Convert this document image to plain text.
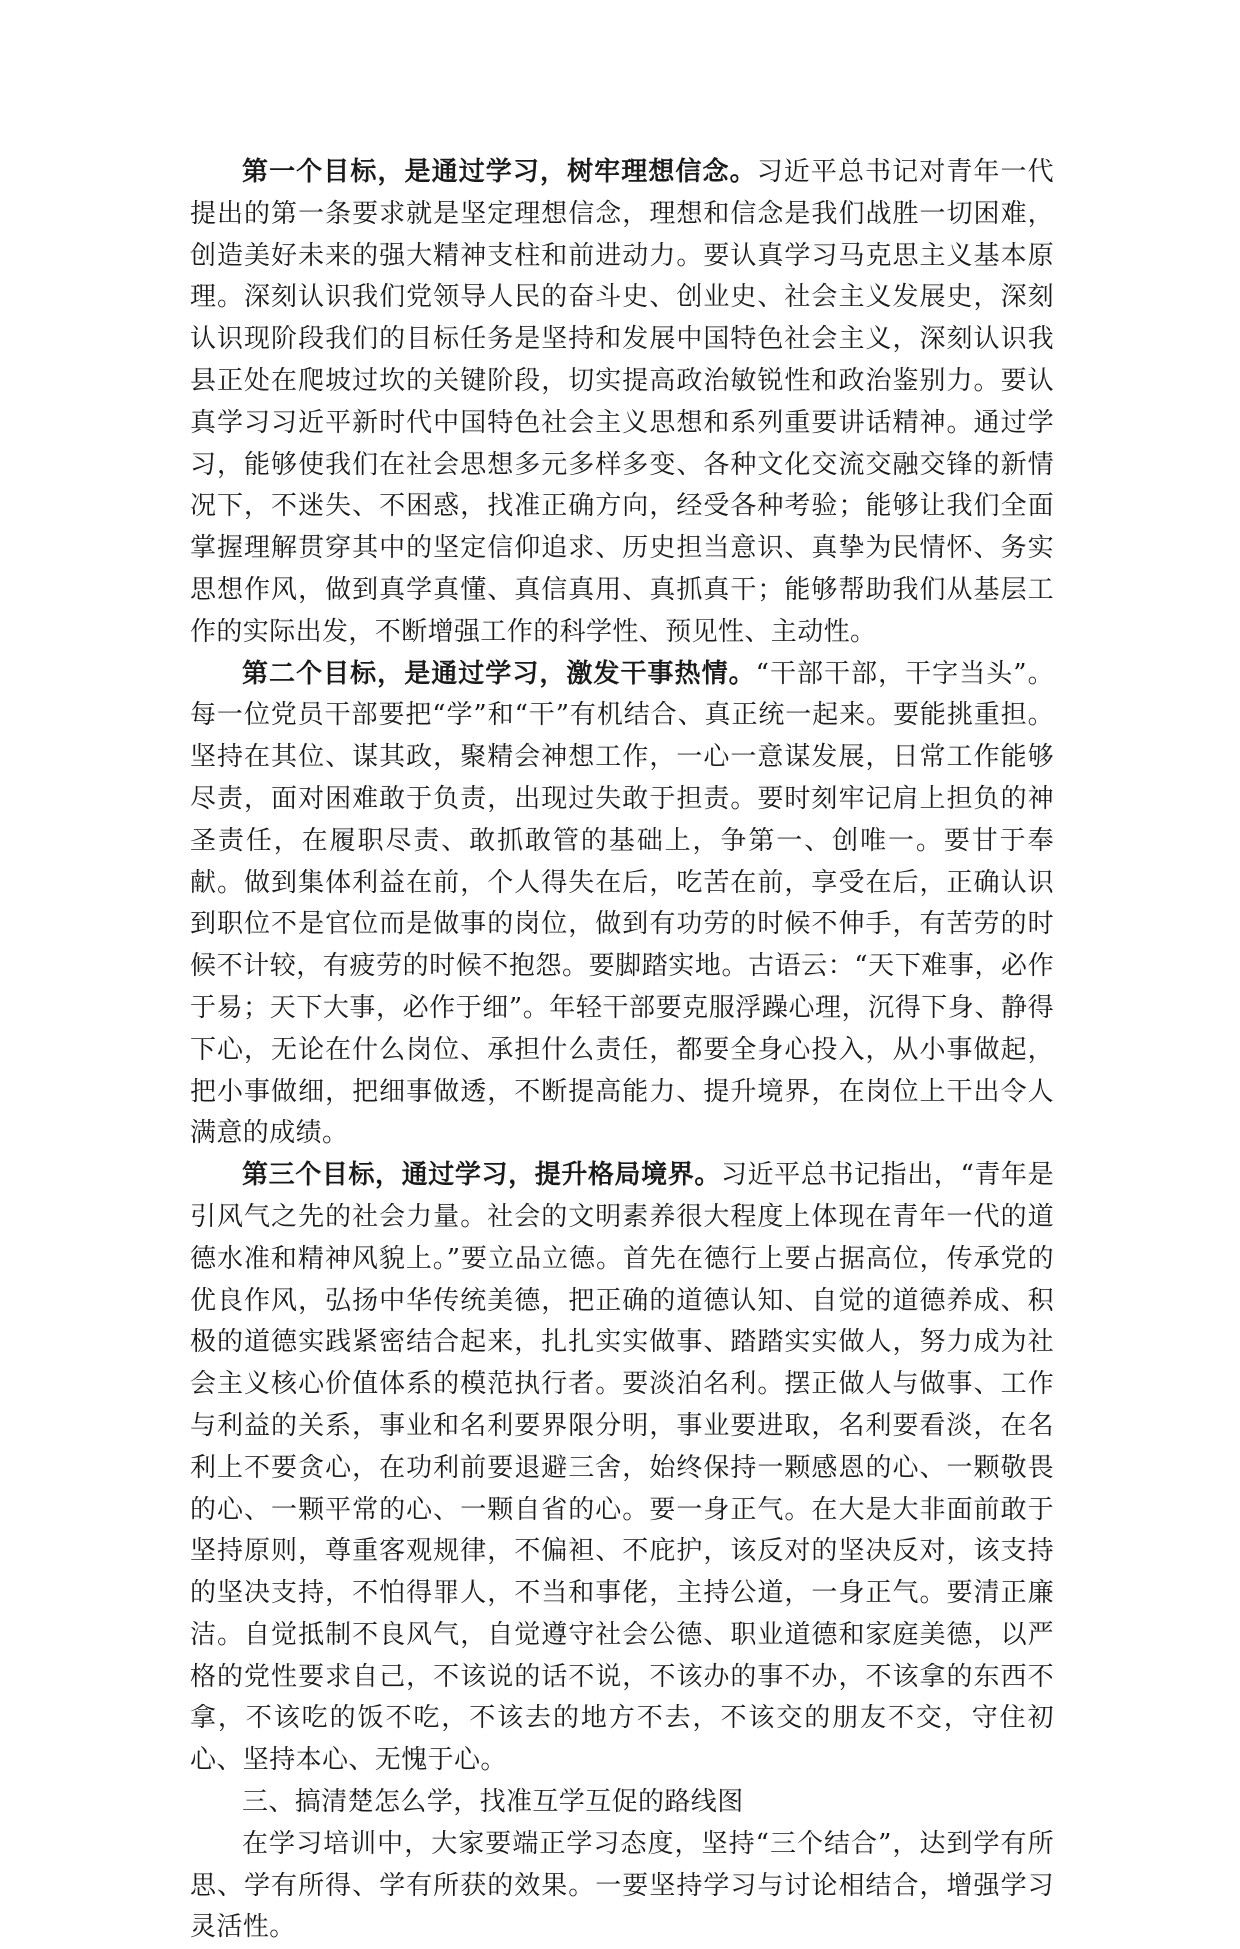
第一个目标，是通过学习，树牢理想信念。习近平总书记对青年一代提出的第一条要求就是坚定理想信念，理想和信念是我们战胜一切困难，创造美好未来的强大精神支柱和前进动力。要认真学习马克思主义基本原理。深刻认识我们党领导人民的奋斗史、创业史、社会主义发展史，深刻认识现阶段我们的目标任务是坚持和发展中国特色社会主义，深刻认识我县正处在爬坡过坎的关键阶段，切实提高政治敏锐性和政治鉴别力。要认真学习习近平新时代中国特色社会主义思想和系列重要讲话精神。通过学习，能够使我们在社会思想多元多样多变、各种文化交流交融交锋的新情况下，不迷失、不困惑，找准正确方向，经受各种考验；能够让我们全面掌握理解贯穿其中的坚定信仰追求、历史担当意识、真挚为民情怀、务实思想作风，做到真学真懂、真信真用、真抓真干；能够帮助我们从基层工作的实际出发，不断增强工作的科学性、预见性、主动性。

第二个目标，是通过学习，激发干事热情。“干部干部，干字当头”。每一位党员干部要把“学”和“干”有机结合、真正统一起来。要能挑重担。坚持在其位、谋其政，聚精会神想工作，一心一意谋发展，日常工作能够尽责，面对困难敢于负责，出现过失敢于担责。要时刻牢记肩上担负的神圣责任，在履职尽责、敢抓敢管的基础上，争第一、创唯一。要甘于奉献。做到集体利益在前，个人得失在后，吃苦在前，享受在后，正确认识到职位不是官位而是做事的岗位，做到有功劳的时候不伸手，有苦劳的时候不计较，有疲劳的时候不抱怨。要脚踏实地。古语云：“天下难事，必作于易；天下大事，必作于细”。年轻干部要克服浮躁心理，沉得下身、静得下心，无论在什么岗位、承担什么责任，都要全身心投入，从小事做起，把小事做细，把细事做透，不断提高能力、提升境界，在岗位上干出令人满意的成绩。

第三个目标，通过学习，提升格局境界。习近平总书记指出，“青年是引风气之先的社会力量。社会的文明素养很大程度上体现在青年一代的道德水准和精神风貌上。”要立品立德。首先在德行上要占据高位，传承党的优良作风，弘扬中华传统美德，把正确的道德认知、自觉的道德养成、积极的道德实践紧密结合起来，扎扎实实做事、踏踏实实做人，努力成为社会主义核心价值体系的模范执行者。要淡泊名利。摆正做人与做事、工作与利益的关系，事业和名利要界限分明，事业要进取，名利要看淡，在名利上不要贪心，在功利前要退避三舍，始终保持一颗感恩的心、一颗敬畏的心、一颗平常的心、一颗自省的心。要一身正气。在大是大非面前敢于坚持原则，尊重客观规律，不偏袒、不庇护，该反对的坚决反对，该支持的坚决支持，不怕得罪人，不当和事佬，主持公道，一身正气。要清正廉洁。自觉抵制不良风气，自觉遵守社会公德、职业道德和家庭美德，以严格的党性要求自己，不该说的话不说，不该办的事不办，不该拿的东西不拿，不该吃的饭不吃，不该去的地方不去，不该交的朋友不交，守住初心、坚持本心、无愧于心。

三、搞清楚怎么学，找准互学互促的路线图

在学习培训中，大家要端正学习态度，坚持“三个结合”，达到学有所思、学有所得、学有所获的效果。一要坚持学习与讨论相结合，增强学习灵活性。
